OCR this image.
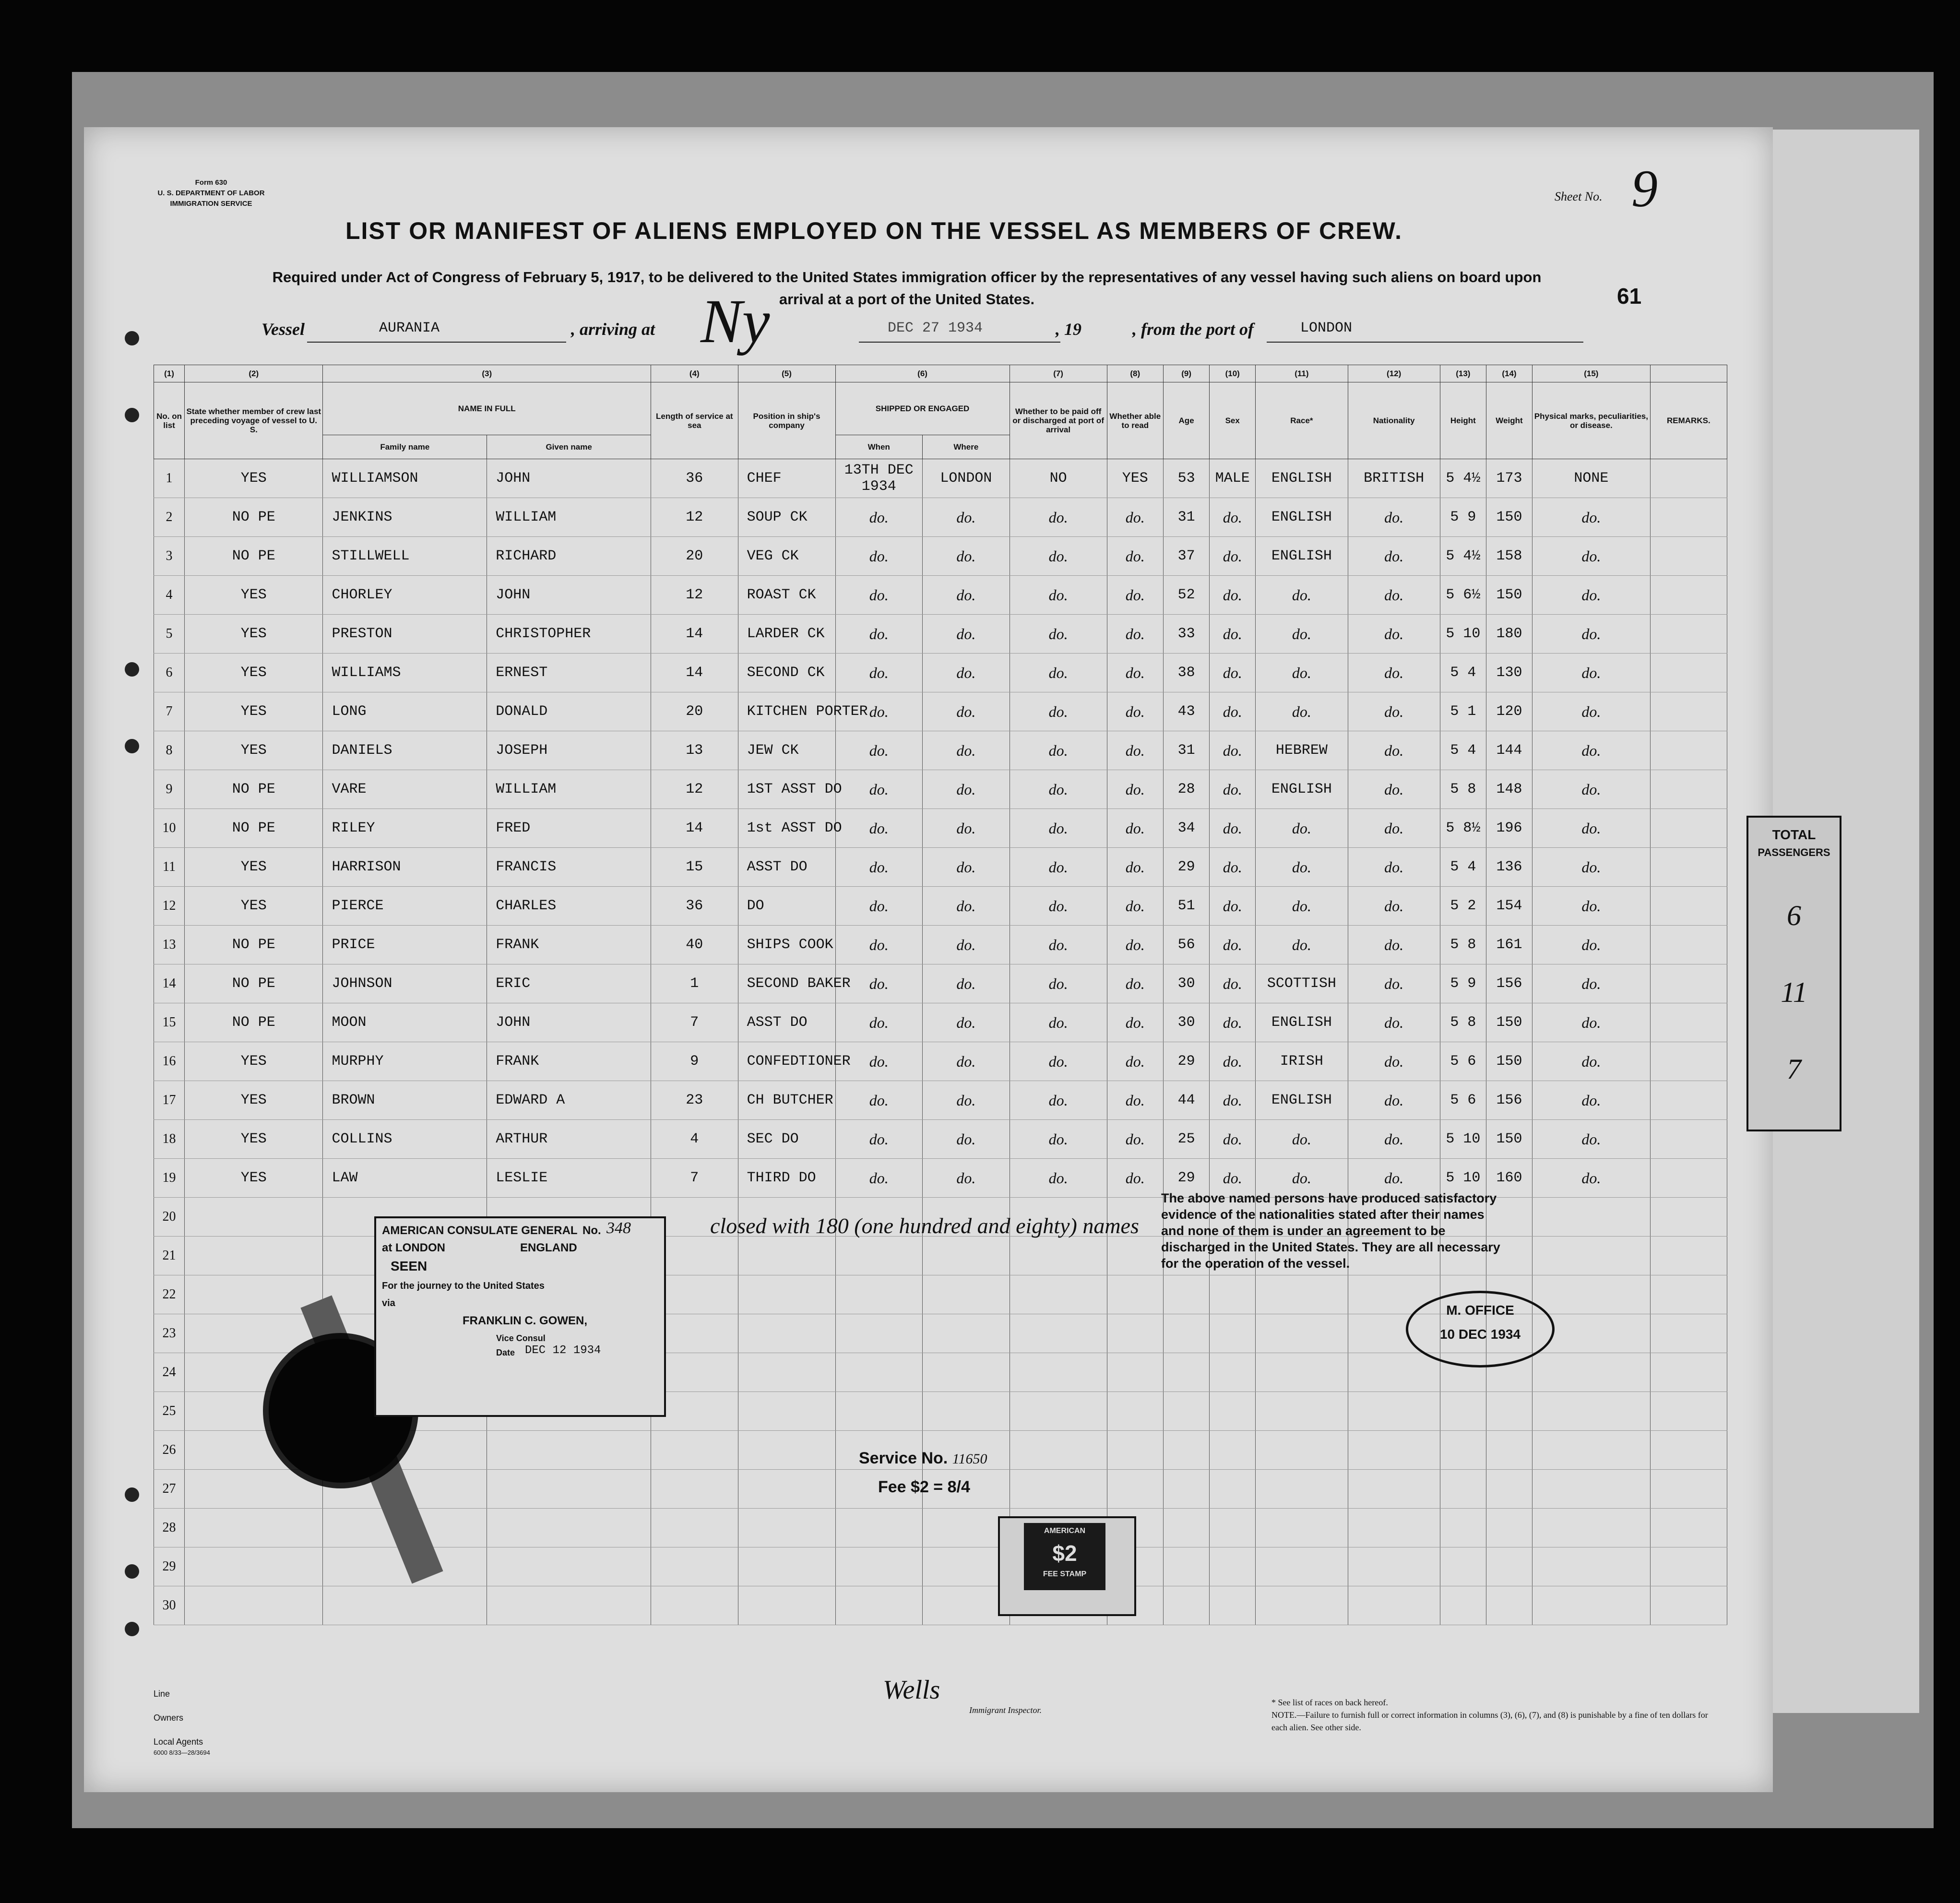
Form 630
U. S. DEPARTMENT OF LABOR
IMMIGRATION SERVICE
Sheet No. 9
LIST OR MANIFEST OF ALIENS EMPLOYED ON THE VESSEL AS MEMBERS OF CREW.
Required under Act of Congress of February 5, 1917, to be delivered to the United States immigration officer by the representatives of any vessel having such aliens on board upon arrival at a port of the United States.	61
Vessel	AURANIA	, arriving at Ny	DEC 27 1934	, 19	, from the port of	LONDON
(1)	(2)	(3)		(4)	(5)	(6)		(7)	(8)	(9)	(10)	(11)	(12)	(13)	(14)	(15)	
No. on list	State whether member of crew last preceding voyage of vessel to U. S.	NAME IN FULL		Length of service at sea	Position in ship's company	SHIPPED OR ENGAGED		Whether to be paid off or discharged at port of arrival	Whether able to read	Age	Sex	Race*	Nationality	Height	Weight	Physical marks, peculiarities, or disease.	REMARKS.
		Family name	Given name			When	Where										
1	YES	WILLIAMSON	JOHN	36	CHEF	13TH DEC 1934	LONDON	NO	YES	53	MALE	ENGLISH	BRITISH	5 4½	173	NONE	
2	NO PE	JENKINS	WILLIAM	12	SOUP CK	do.	do.	do.	do.	31	do.	ENGLISH	do.	5 9	150	do.	
3	NO PE	STILLWELL	RICHARD	20	VEG CK	do.	do.	do.	do.	37	do.	ENGLISH	do.	5 4½	158	do.	
4	YES	CHORLEY	JOHN	12	ROAST CK	do.	do.	do.	do.	52	do.	do.	do.	5 6½	150	do.	
5	YES	PRESTON	CHRISTOPHER	14	LARDER CK	do.	do.	do.	do.	33	do.	do.	do.	5 10	180	do.	
6	YES	WILLIAMS	ERNEST	14	SECOND CK	do.	do.	do.	do.	38	do.	do.	do.	5 4	130	do.	
7	YES	LONG	DONALD	20	KITCHEN PORTER	do.	do.	do.	do.	43	do.	do.	do.	5 1	120	do.	
8	YES	DANIELS	JOSEPH	13	JEW CK	do.	do.	do.	do.	31	do.	HEBREW	do.	5 4	144	do.	
9	NO PE	VARE	WILLIAM	12	1ST ASST DO	do.	do.	do.	do.	28	do.	ENGLISH	do.	5 8	148	do.	
10	NO PE	RILEY	FRED	14	1st ASST DO	do.	do.	do.	do.	34	do.	do.	do.	5 8½	196	do.	
11	YES	HARRISON	FRANCIS	15	ASST DO	do.	do.	do.	do.	29	do.	do.	do.	5 4	136	do.	
12	YES	PIERCE	CHARLES	36	DO	do.	do.	do.	do.	51	do.	do.	do.	5 2	154	do.	
13	NO PE	PRICE	FRANK	40	SHIPS COOK	do.	do.	do.	do.	56	do.	do.	do.	5 8	161	do.	
14	NO PE	JOHNSON	ERIC	1	SECOND BAKER	do.	do.	do.	do.	30	do.	SCOTTISH	do.	5 9	156	do.	
15	NO PE	MOON	JOHN	7	ASST DO	do.	do.	do.	do.	30	do.	ENGLISH	do.	5 8	150	do.	
16	YES	MURPHY	FRANK	9	CONFEDTIONER	do.	do.	do.	do.	29	do.	IRISH	do.	5 6	150	do.	
17	YES	BROWN	EDWARD A	23	CH BUTCHER	do.	do.	do.	do.	44	do.	ENGLISH	do.	5 6	156	do.	
18	YES	COLLINS	ARTHUR	4	SEC DO	do.	do.	do.	do.	25	do.	do.	do.	5 10	150	do.	
19	YES	LAW	LESLIE	7	THIRD DO	do.	do.	do.	do.	29	do.	do.	do.	5 10	160	do.	
20																	
21																	
22																	
23																	
24																	
25																	
26																	
27																	
28																	
29																	
30																	
TOTAL
PASSENGERS
6
11
7
AMERICAN CONSULATE GENERAL No. 348
at LONDON	ENGLAND
SEEN
For the journey to the United States
via
FRANKLIN C. GOWEN,
Vice Consul
Date DEC 12 1934
closed with 180 (one hundred and eighty) names
The above named persons have produced satisfactory evidence of the nationalities stated after their names and none of them is under an agreement to be discharged in the United States. They are all necessary for the operation of the vessel.
M. OFFICE
10 DEC 1934
Service No. 11650
Fee $2 = 8/4
AMERICAN
$2
FEE STAMP
Line
Owners
Local Agents
6000 8/33—28/3694
Wells
Immigrant Inspector.
* See list of races on back hereof.
NOTE.—Failure to furnish full or correct information in columns (3), (6), (7), and (8) is punishable by a fine of ten dollars for each alien. See other side.
